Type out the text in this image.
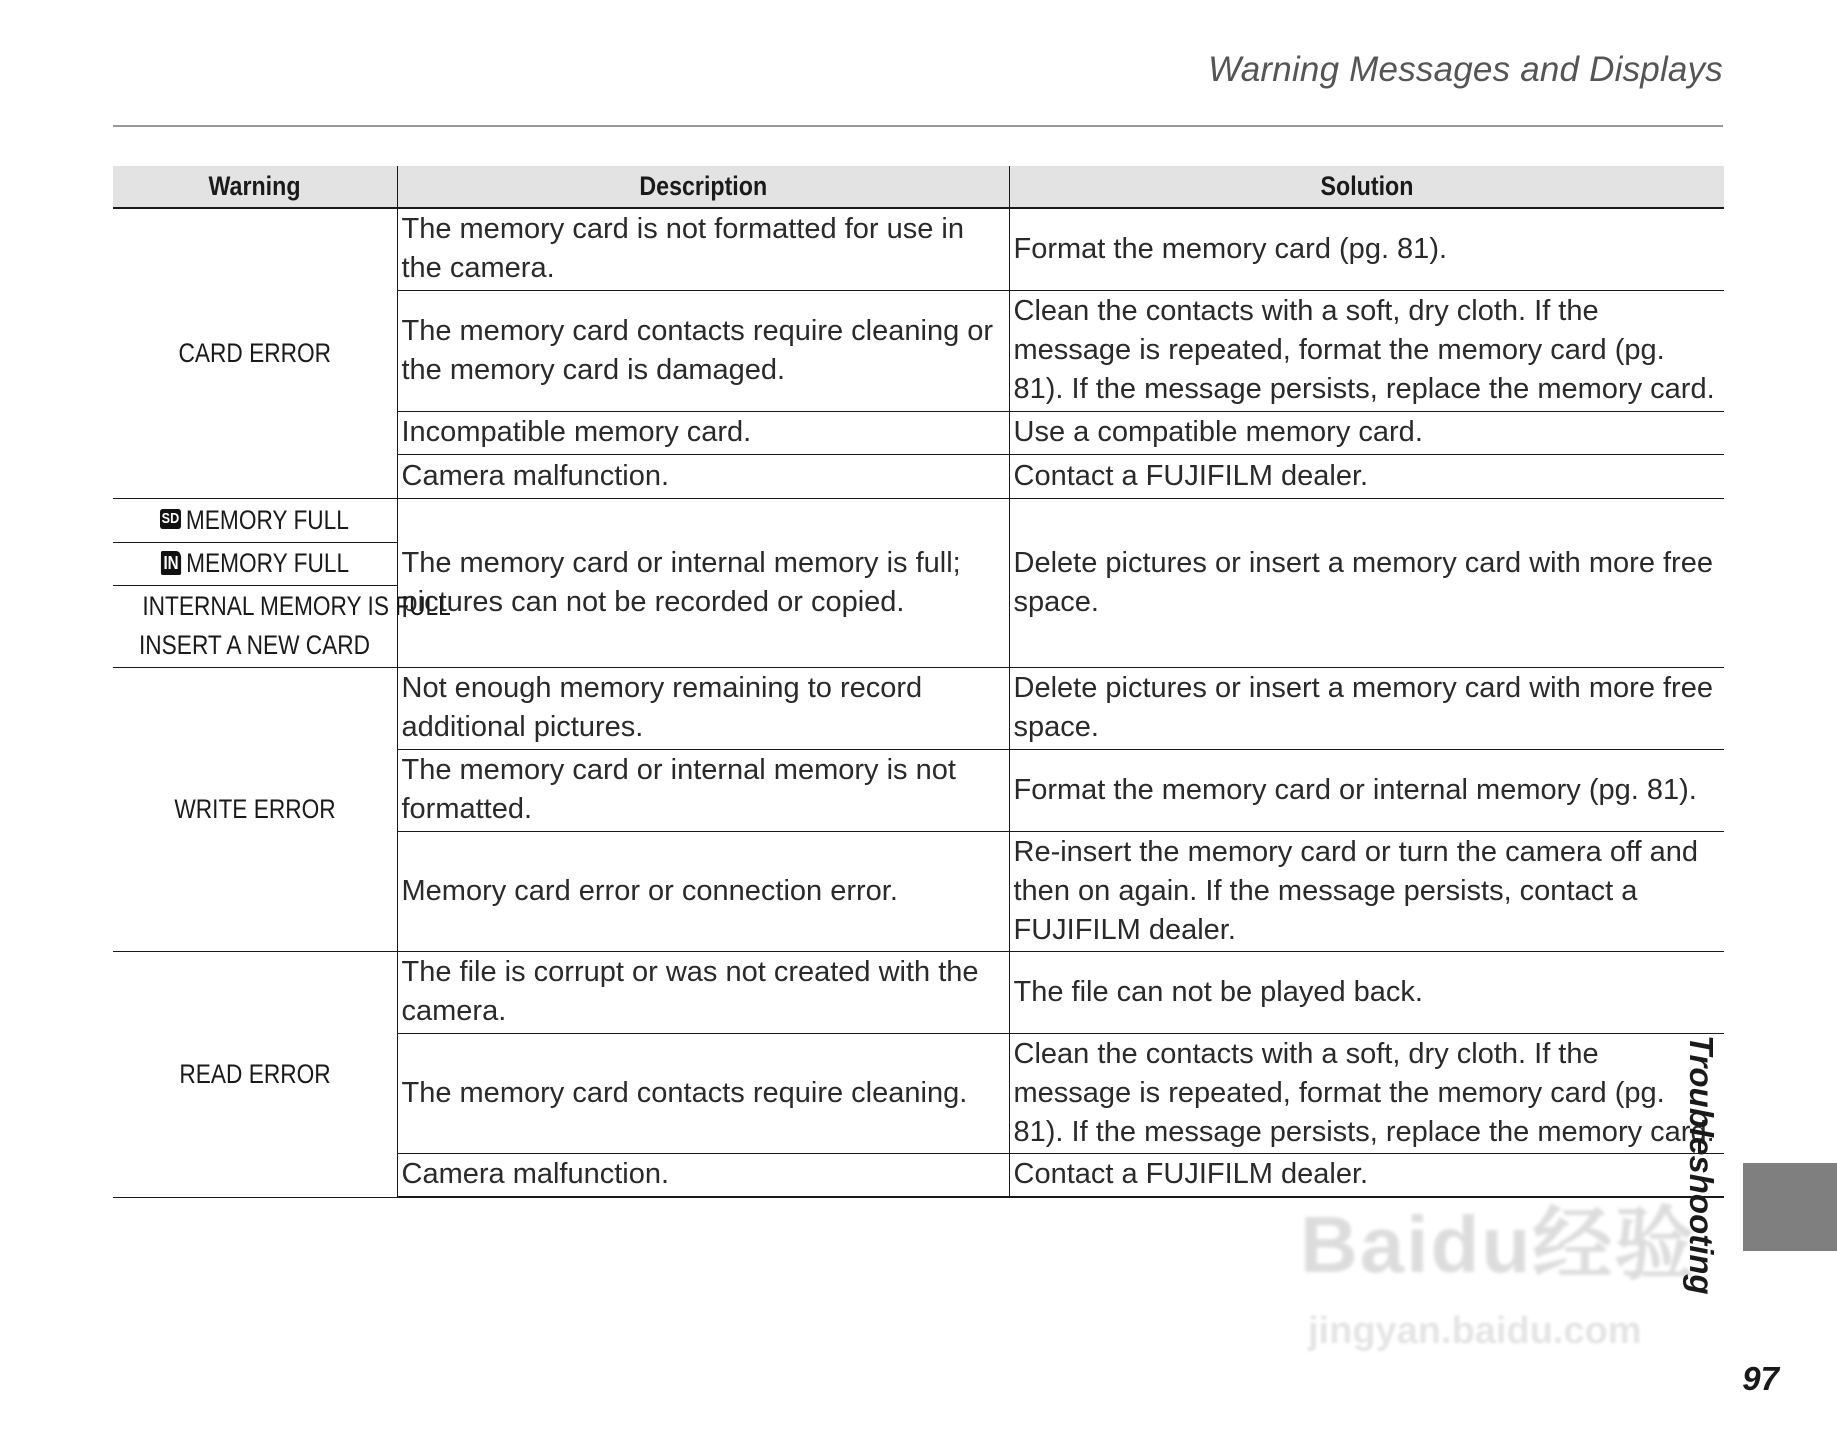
Warning Messages and Displays
Warning	Description	Solution
CARD ERROR	The memory card is not formatted for use in the camera.	Format the memory card (pg. 81).
	The memory card contacts require cleaning or the memory card is damaged.	Clean the contacts with a soft, dry cloth. If the message is repeated, format the memory card (pg. 81). If the message persists, replace the memory card.
	Incompatible memory card.	Use a compatible memory card.
	Camera malfunction.	Contact a FUJIFILM dealer.
SD MEMORY FULL	The memory card or internal memory is full; pictures can not be recorded or copied.	Delete pictures or insert a memory card with more free space.
IN MEMORY FULL		
INTERNAL MEMORY IS FULL
INSERT A NEW CARD		
WRITE ERROR	Not enough memory remaining to record additional pictures.	Delete pictures or insert a memory card with more free space.
	The memory card or internal memory is not formatted.	Format the memory card or internal memory (pg. 81).
	Memory card error or connection error.	Re-insert the memory card or turn the camera off and then on again. If the message persists, contact a FUJIFILM dealer.
READ ERROR	The file is corrupt or was not created with the camera.	The file can not be played back.
	The memory card contacts require cleaning.	Clean the contacts with a soft, dry cloth. If the message is repeated, format the memory card (pg. 81). If the message persists, replace the memory card.
	Camera malfunction.	Contact a FUJIFILM dealer.	Troubleshooting
Baidu经验
jingyan.baidu.com
97
